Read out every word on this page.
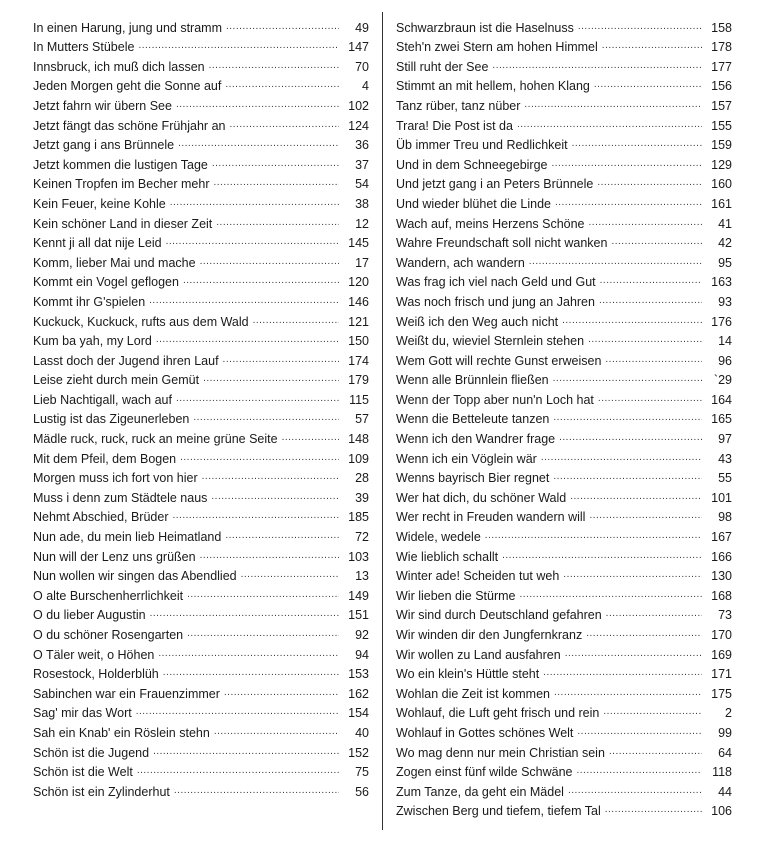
In einen Harung, jung und stramm .....	49
In Mutters Stübele .....	147
Innsbruck, ich muß dich lassen .....	70
Jeden Morgen geht die Sonne auf .....	4
Jetzt fahrn wir übern See .....	102
Jetzt fängt das schöne Frühjahr an .....	124
Jetzt gang i ans Brünnele .....	36
Jetzt kommen die lustigen Tage .....	37
Keinen Tropfen im Becher mehr .....	54
Kein Feuer, keine Kohle .....	38
Kein schöner Land in dieser Zeit .....	12
Kennt ji all dat nije Leid .....	145
Komm, lieber Mai und mache .....	17
Kommt ein Vogel geflogen .....	120
Kommt ihr G'spielen .....	146
Kuckuck, Kuckuck, rufts aus dem Wald .....	121
Kum ba yah, my Lord .....	150
Lasst doch der Jugend ihren Lauf .....	174
Leise zieht durch mein Gemüt .....	179
Lieb Nachtigall, wach auf .....	115
Lustig ist das Zigeunerleben .....	57
Mädle ruck, ruck, ruck an meine grüne Seite .....	148
Mit dem Pfeil, dem Bogen .....	109
Morgen muss ich fort von hier .....	28
Muss i denn zum Städtele naus .....	39
Nehmt Abschied, Brüder .....	185
Nun ade, du mein lieb Heimatland .....	72
Nun will der Lenz uns grüßen .....	103
Nun wollen wir singen das Abendlied .....	13
O alte Burschenherrlichkeit .....	149
O du lieber Augustin .....	151
O du schöner Rosengarten .....	92
O Täler weit, o Höhen .....	94
Rosestock, Holderblüh .....	153
Sabinchen war ein Frauenzimmer .....	162
Sag' mir das Wort .....	154
Sah ein Knab' ein Röslein stehn .....	40
Schön ist die Jugend .....	152
Schön ist die Welt .....	75
Schön ist ein Zylinderhut .....	56
Schwarzbraun ist die Haselnuss .....	158
Steh'n zwei Stern am hohen Himmel .....	178
Still ruht der See .....	177
Stimmt an mit hellem, hohen Klang .....	156
Tanz rüber, tanz nüber .....	157
Trara! Die Post ist da .....	155
Üb immer Treu und Redlichkeit .....	159
Und in dem Schneegebirge .....	129
Und jetzt gang i an Peters Brünnele .....	160
Und wieder blühet die Linde .....	161
Wach auf, meins Herzens Schöne .....	41
Wahre Freundschaft soll nicht wanken .....	42
Wandern, ach wandern .....	95
Was frag ich viel nach Geld und Gut .....	163
Was noch frisch und jung an Jahren .....	93
Weiß ich den Weg auch nicht .....	176
Weißt du, wieviel Sternlein stehen .....	14
Wem Gott will rechte Gunst erweisen .....	96
Wenn alle Brünnlein fließen .....	`29
Wenn der Topp aber nun'n Loch hat .....	164
Wenn die Betteleute tanzen .....	165
Wenn ich den Wandrer frage .....	97
Wenn ich ein Vöglein wär .....	43
Wenns bayrisch Bier regnet .....	55
Wer hat dich, du schöner Wald .....	101
Wer recht in Freuden wandern will .....	98
Widele, wedele .....	167
Wie lieblich schallt .....	166
Winter ade! Scheiden tut weh .....	130
Wir lieben die Stürme .....	168
Wir sind durch Deutschland gefahren .....	73
Wir winden dir den Jungfernkranz .....	170
Wir wollen zu Land ausfahren .....	169
Wo ein klein's Hüttle steht .....	171
Wohlan die Zeit ist kommen .....	175
Wohlauf, die Luft geht frisch und rein .....	2
Wohlauf in Gottes schönes Welt .....	99
Wo mag denn nur mein Christian sein .....	64
Zogen einst fünf wilde Schwäne .....	118
Zum Tanze, da geht ein Mädel .....	44
Zwischen Berg und tiefem, tiefem Tal .....	106
